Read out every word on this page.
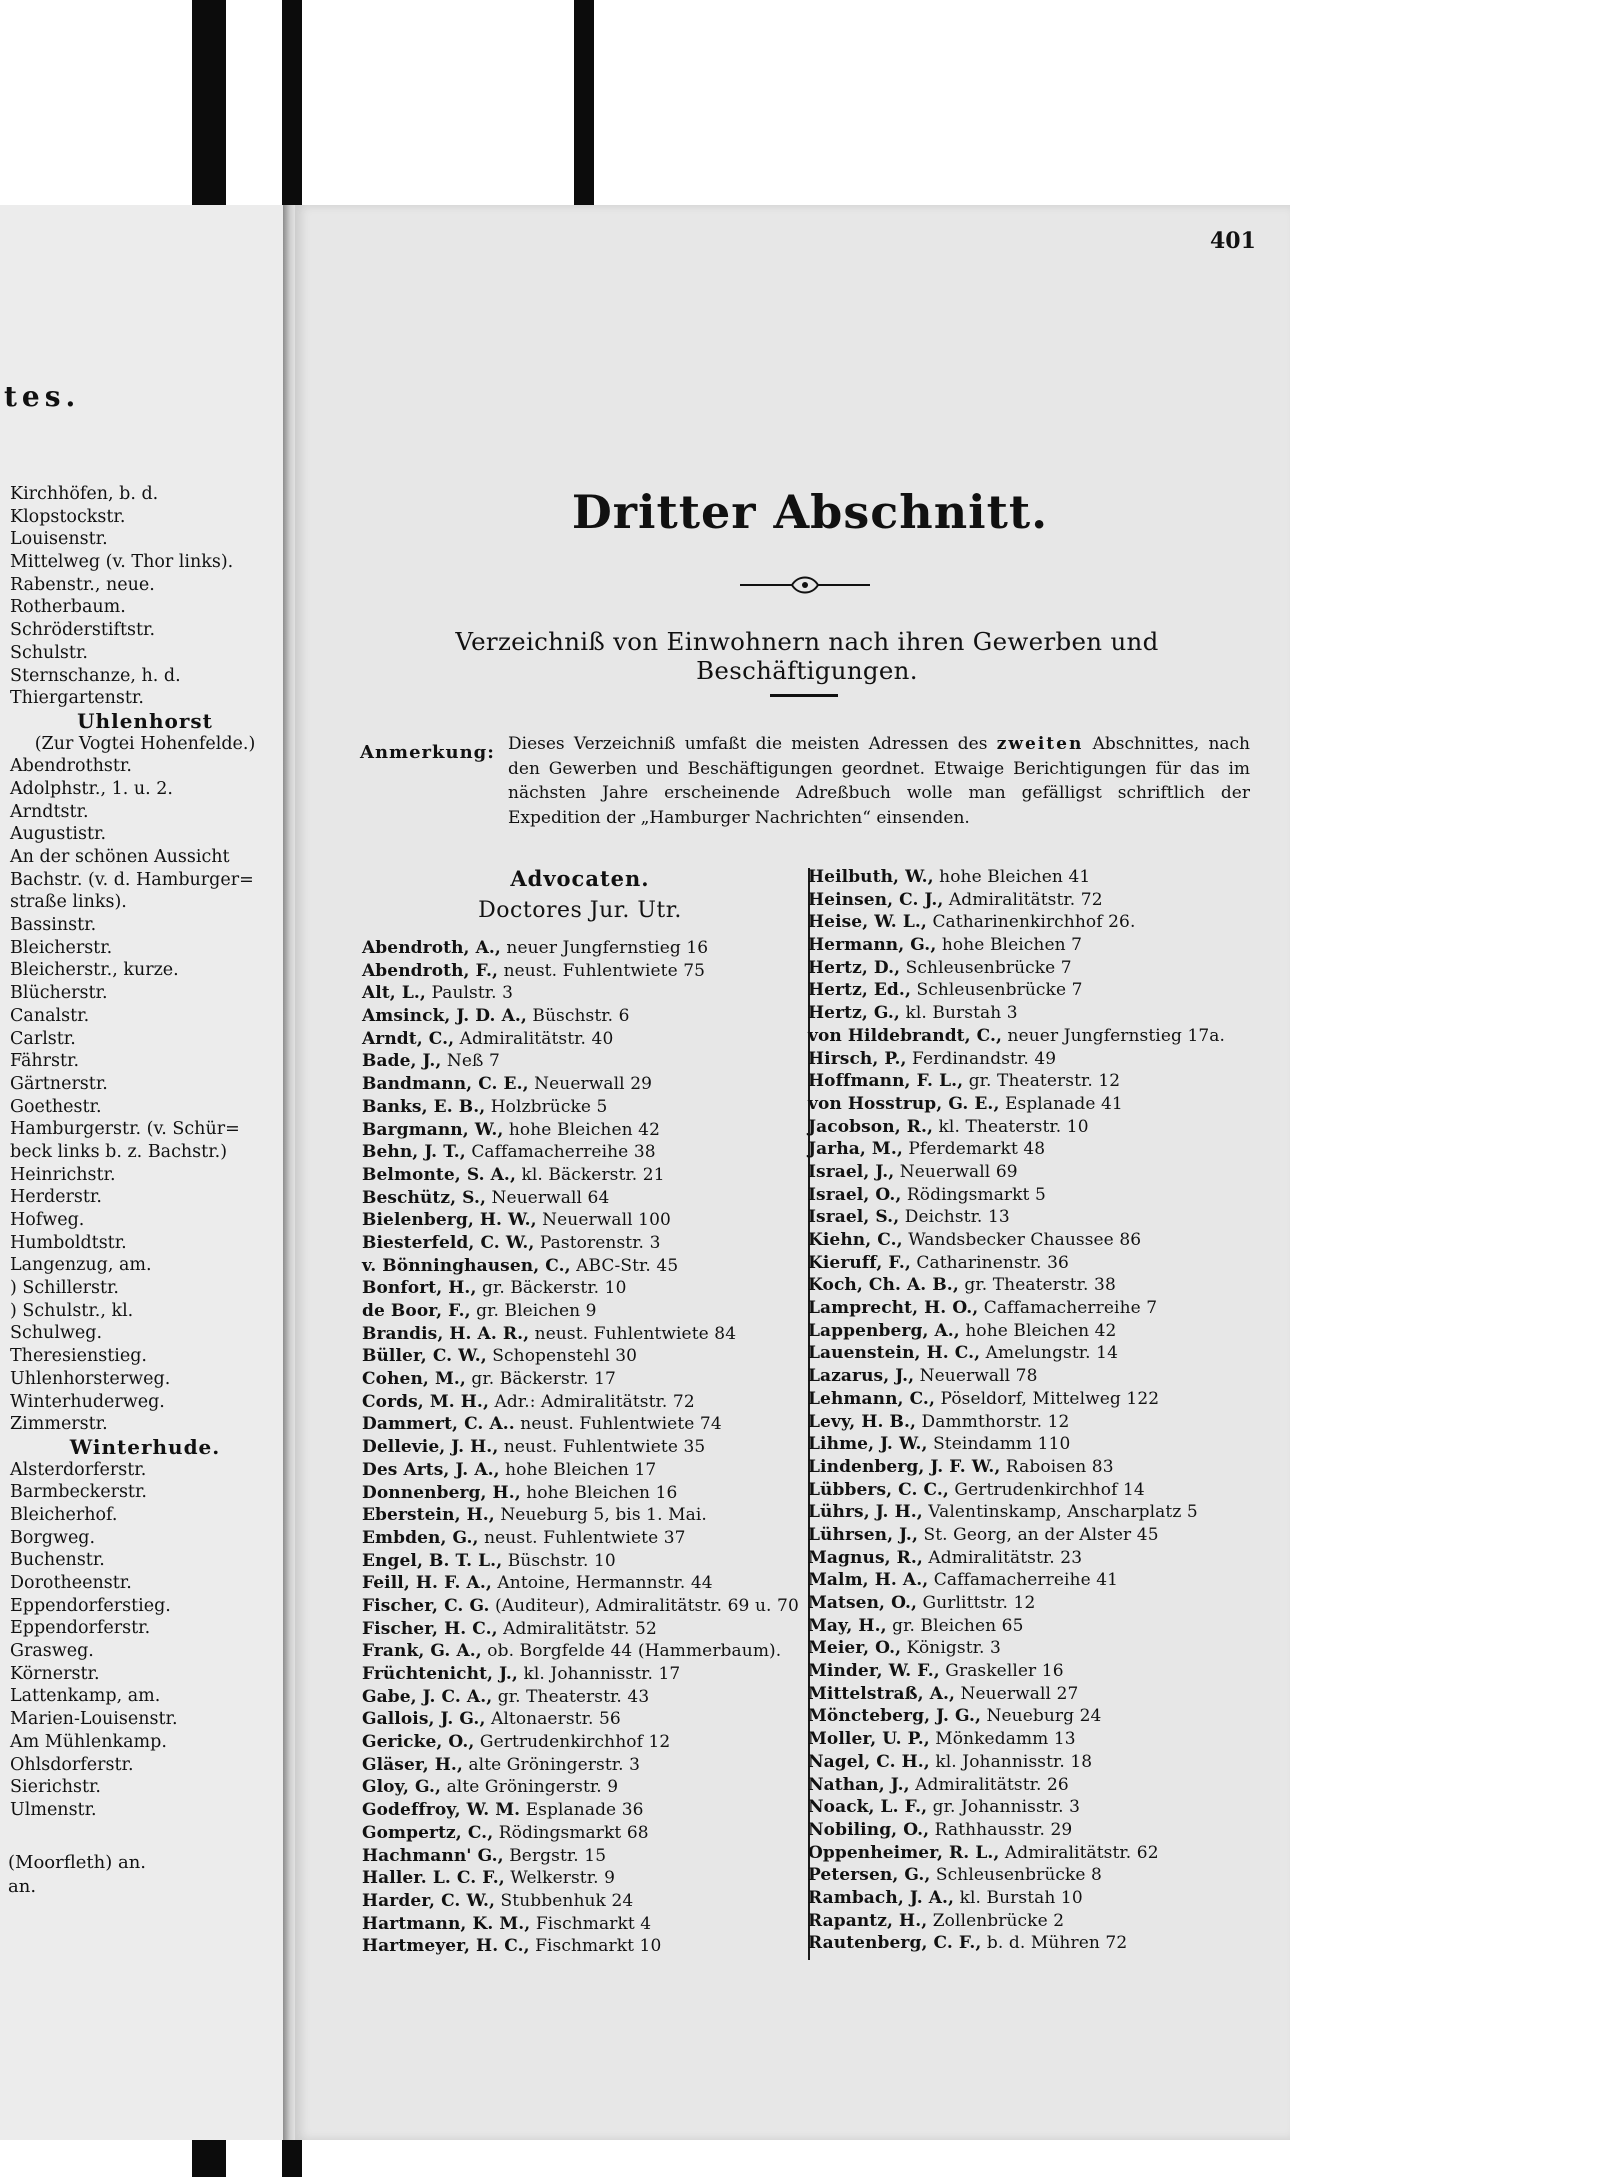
tes.
Kirchhöfen, b. d.
Klopstockstr.
Louisenstr.
Mittelweg (v. Thor links).
Rabenstr., neue.
Rotherbaum.
Schröderstiftstr.
Schulstr.
Sternschanze, h. d.
Thiergartenstr.
Uhlenhorst
(Zur Vogtei Hohenfelde.)
Abendrothstr.
Adolphstr., 1. u. 2.
Arndtstr.
Augustistr.
An der schönen Aussicht
Bachstr. (v. d. Hamburger=
straße links).
Bassinstr.
Bleicherstr.
Bleicherstr., kurze.
Blücherstr.
Canalstr.
Carlstr.
Fährstr.
Gärtnerstr.
Goethestr.
Hamburgerstr. (v. Schür=
beck links b. z. Bachstr.)
Heinrichstr.
Herderstr.
Hofweg.
Humboldtstr.
Langenzug, am.
) Schillerstr.
) Schulstr., kl.
Schulweg.
Theresienstieg.
Uhlenhorsterweg.
Winterhuderweg.
Zimmerstr.
Winterhude.
Alsterdorferstr.
Barmbeckerstr.
Bleicherhof.
Borgweg.
Buchenstr.
Dorotheenstr.
Eppendorferstieg.
Eppendorferstr.
Grasweg.
Körnerstr.
Lattenkamp, am.
Marien-Louisenstr.
Am Mühlenkamp.
Ohlsdorferstr.
Sierichstr.
Ulmenstr.
(Moorfleth) an.
an.
401
Dritter Abschnitt.
Verzeichniß von Einwohnern nach ihren Gewerben und Beschäftigungen.
Anmerkung: Dieses Verzeichniß umfaßt die meisten Adressen des zweiten Abschnittes, nach den Gewerben und Beschäftigungen geordnet. Etwaige Berichtigungen für das im nächsten Jahre erscheinende Adreßbuch wolle man gefälligst schriftlich der Expedition der „Hamburger Nachrichten“ einsenden.
Advocaten.
Doctores Jur. Utr.
Abendroth, A., neuer Jungfernstieg 16
Abendroth, F., neust. Fuhlentwiete 75
Alt, L., Paulstr. 3
Amsinck, J. D. A., Büschstr. 6
Arndt, C., Admiralitätstr. 40
Bade, J., Neß 7
Bandmann, C. E., Neuerwall 29
Banks, E. B., Holzbrücke 5
Bargmann, W., hohe Bleichen 42
Behn, J. T., Caffamacherreihe 38
Belmonte, S. A., kl. Bäckerstr. 21
Beschütz, S., Neuerwall 64
Bielenberg, H. W., Neuerwall 100
Biesterfeld, C. W., Pastorenstr. 3
v. Bönninghausen, C., ABC-Str. 45
Bonfort, H., gr. Bäckerstr. 10
de Boor, F., gr. Bleichen 9
Brandis, H. A. R., neust. Fuhlentwiete 84
Büller, C. W., Schopenstehl 30
Cohen, M., gr. Bäckerstr. 17
Cords, M. H., Adr.: Admiralitätstr. 72
Dammert, C. A.. neust. Fuhlentwiete 74
Dellevie, J. H., neust. Fuhlentwiete 35
Des Arts, J. A., hohe Bleichen 17
Donnenberg, H., hohe Bleichen 16
Eberstein, H., Neueburg 5, bis 1. Mai.
Embden, G., neust. Fuhlentwiete 37
Engel, B. T. L., Büschstr. 10
Feill, H. F. A., Antoine, Hermannstr. 44
Fischer, C. G. (Auditeur), Admiralitätstr. 69 u. 70
Fischer, H. C., Admiralitätstr. 52
Frank, G. A., ob. Borgfelde 44 (Hammerbaum).
Früchtenicht, J., kl. Johannisstr. 17
Gabe, J. C. A., gr. Theaterstr. 43
Gallois, J. G., Altonaerstr. 56
Gericke, O., Gertrudenkirchhof 12
Gläser, H., alte Gröningerstr. 3
Gloy, G., alte Gröningerstr. 9
Godeffroy, W. M. Esplanade 36
Gompertz, C., Rödingsmarkt 68
Hachmann' G., Bergstr. 15
Haller. L. C. F., Welkerstr. 9
Harder, C. W., Stubbenhuk 24
Hartmann, K. M., Fischmarkt 4
Hartmeyer, H. C., Fischmarkt 10
Heilbuth, W., hohe Bleichen 41
Heinsen, C. J., Admiralitätstr. 72
Heise, W. L., Catharinenkirchhof 26.
Hermann, G., hohe Bleichen 7
Hertz, D., Schleusenbrücke 7
Hertz, Ed., Schleusenbrücke 7
Hertz, G., kl. Burstah 3
von Hildebrandt, C., neuer Jungfernstieg 17a.
Hirsch, P., Ferdinandstr. 49
Hoffmann, F. L., gr. Theaterstr. 12
von Hosstrup, G. E., Esplanade 41
Jacobson, R., kl. Theaterstr. 10
Jarha, M., Pferdemarkt 48
Israel, J., Neuerwall 69
Israel, O., Rödingsmarkt 5
Israel, S., Deichstr. 13
Kiehn, C., Wandsbecker Chaussee 86
Kieruff, F., Catharinenstr. 36
Koch, Ch. A. B., gr. Theaterstr. 38
Lamprecht, H. O., Caffamacherreihe 7
Lappenberg, A., hohe Bleichen 42
Lauenstein, H. C., Amelungstr. 14
Lazarus, J., Neuerwall 78
Lehmann, C., Pöseldorf, Mittelweg 122
Levy, H. B., Dammthorstr. 12
Lihme, J. W., Steindamm 110
Lindenberg, J. F. W., Raboisen 83
Lübbers, C. C., Gertrudenkirchhof 14
Lührs, J. H., Valentinskamp, Anscharplatz 5
Lührsen, J., St. Georg, an der Alster 45
Magnus, R., Admiralitätstr. 23
Malm, H. A., Caffamacherreihe 41
Matsen, O., Gurlittstr. 12
May, H., gr. Bleichen 65
Meier, O., Königstr. 3
Minder, W. F., Graskeller 16
Mittelstraß, A., Neuerwall 27
Möncteberg, J. G., Neueburg 24
Moller, U. P., Mönkedamm 13
Nagel, C. H., kl. Johannisstr. 18
Nathan, J., Admiralitätstr. 26
Noack, L. F., gr. Johannisstr. 3
Nobiling, O., Rathhausstr. 29
Oppenheimer, R. L., Admiralitätstr. 62
Petersen, G., Schleusenbrücke 8
Rambach, J. A., kl. Burstah 10
Rapantz, H., Zollenbrücke 2
Rautenberg, C. F., b. d. Mühren 72
